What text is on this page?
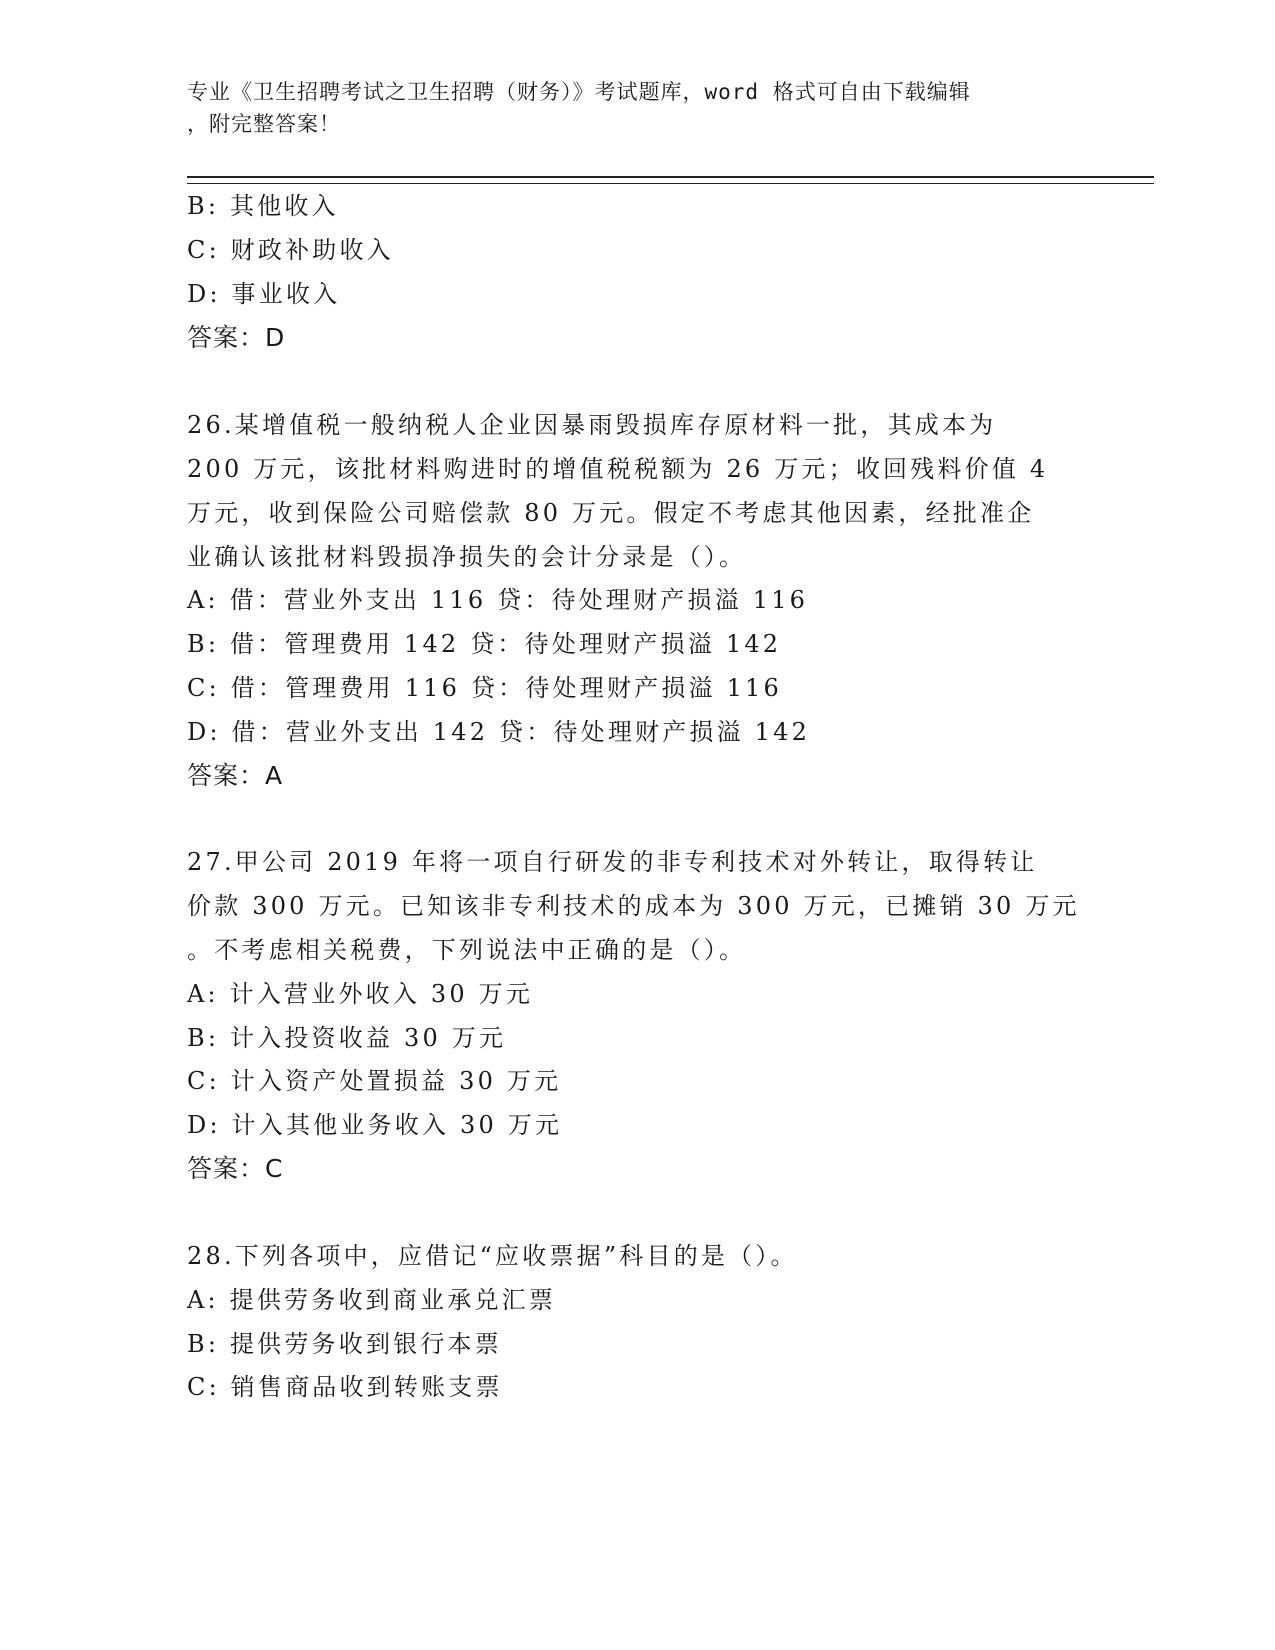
专业《卫生招聘考试之卫生招聘（财务）》考试题库，word 格式可自由下载编辑
，附完整答案！
B: 其他收入
C: 财政补助收入
D: 事业收入
答案：D
26.某增值税一般纳税人企业因暴雨毁损库存原材料一批，其成本为
200 万元，该批材料购进时的增值税税额为 26 万元；收回残料价值 4
万元，收到保险公司赔偿款 80 万元。假定不考虑其他因素，经批准企
业确认该批材料毁损净损失的会计分录是（）。
A: 借：营业外支出 116 贷：待处理财产损溢 116
B: 借：管理费用 142 贷：待处理财产损溢 142
C: 借：管理费用 116 贷：待处理财产损溢 116
D: 借：营业外支出 142 贷：待处理财产损溢 142
答案：A
27.甲公司 2019 年将一项自行研发的非专利技术对外转让，取得转让
价款 300 万元。已知该非专利技术的成本为 300 万元，已摊销 30 万元
。不考虑相关税费，下列说法中正确的是（）。
A: 计入营业外收入 30 万元
B: 计入投资收益 30 万元
C: 计入资产处置损益 30 万元
D: 计入其他业务收入 30 万元
答案：C
28.下列各项中，应借记“应收票据”科目的是（）。
A: 提供劳务收到商业承兑汇票
B: 提供劳务收到银行本票
C: 销售商品收到转账支票
